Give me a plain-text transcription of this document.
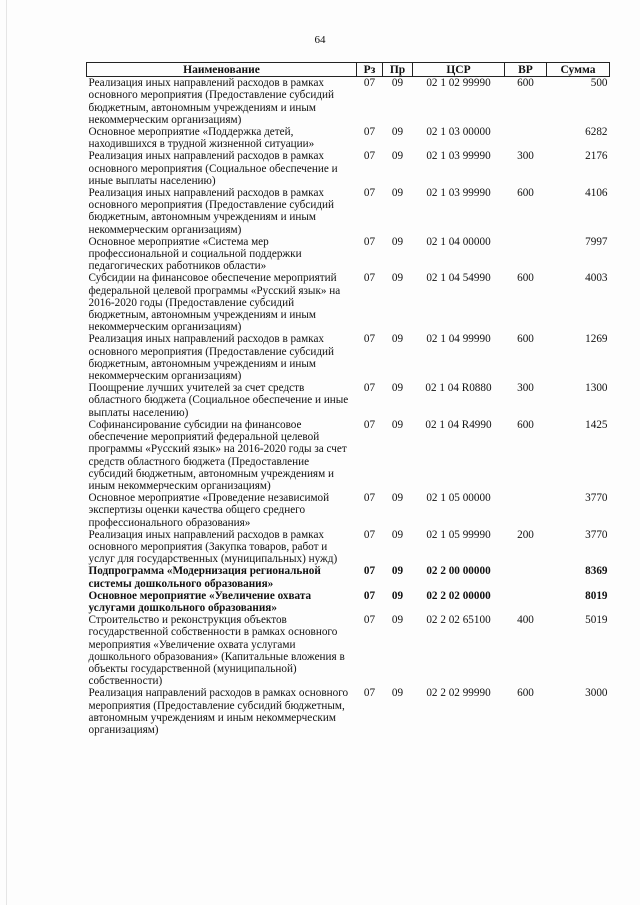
64
Наименование	Рз	Пр	ЦСР	ВР	Сумма
Реализация иных направлений расходов в рамках основного мероприятия (Предоставление субсидий бюджетным, автономным учреждениям и иным некоммерческим организациям)	07	09	02 1 02 99990	600	500
Основное мероприятие «Поддержка детей, находившихся в трудной жизненной ситуации»	07	09	02 1 03 00000		6282
Реализация иных направлений расходов в рамках основного мероприятия (Социальное обеспечение и иные выплаты населению)	07	09	02 1 03 99990	300	2176
Реализация иных направлений расходов в рамках основного мероприятия (Предоставление субсидий бюджетным, автономным учреждениям и иным некоммерческим организациям)	07	09	02 1 03 99990	600	4106
Основное мероприятие «Система мер профессиональной и социальной поддержки педагогических работников области»	07	09	02 1 04 00000		7997
Субсидии на финансовое обеспечение мероприятий федеральной целевой программы «Русский язык» на 2016-2020 годы (Предоставление субсидий бюджетным, автономным учреждениям и иным некоммерческим организациям)	07	09	02 1 04 54990	600	4003
Реализация иных направлений расходов в рамках основного мероприятия (Предоставление субсидий бюджетным, автономным учреждениям и иным некоммерческим организациям)	07	09	02 1 04 99990	600	1269
Поощрение лучших учителей за счет средств областного бюджета (Социальное обеспечение и иные выплаты населению)	07	09	02 1 04 R0880	300	1300
Софинансирование субсидии на финансовое обеспечение мероприятий федеральной целевой программы «Русский язык» на 2016-2020 годы за счет средств областного бюджета (Предоставление субсидий бюджетным, автономным учреждениям и иным некоммерческим организациям)	07	09	02 1 04 R4990	600	1425
Основное мероприятие «Проведение независимой экспертизы оценки качества общего среднего профессионального образования»	07	09	02 1 05 00000		3770
Реализация иных направлений расходов в рамках основного мероприятия (Закупка товаров, работ и услуг для государственных (муниципальных) нужд)	07	09	02 1 05 99990	200	3770
Подпрограмма «Модернизация региональной системы дошкольного образования»	07	09	02 2 00 00000		8369
Основное мероприятие «Увеличение охвата услугами дошкольного образования»	07	09	02 2 02 00000		8019
Строительство и реконструкция объектов государственной собственности в рамках основного мероприятия «Увеличение охвата услугами дошкольного образования» (Капитальные вложения в объекты государственной (муниципальной) собственности)	07	09	02 2 02 65100	400	5019
Реализация направлений расходов в рамках основного мероприятия (Предоставление субсидий бюджетным, автономным учреждениям и иным некоммерческим организациям)	07	09	02 2 02 99990	600	3000
